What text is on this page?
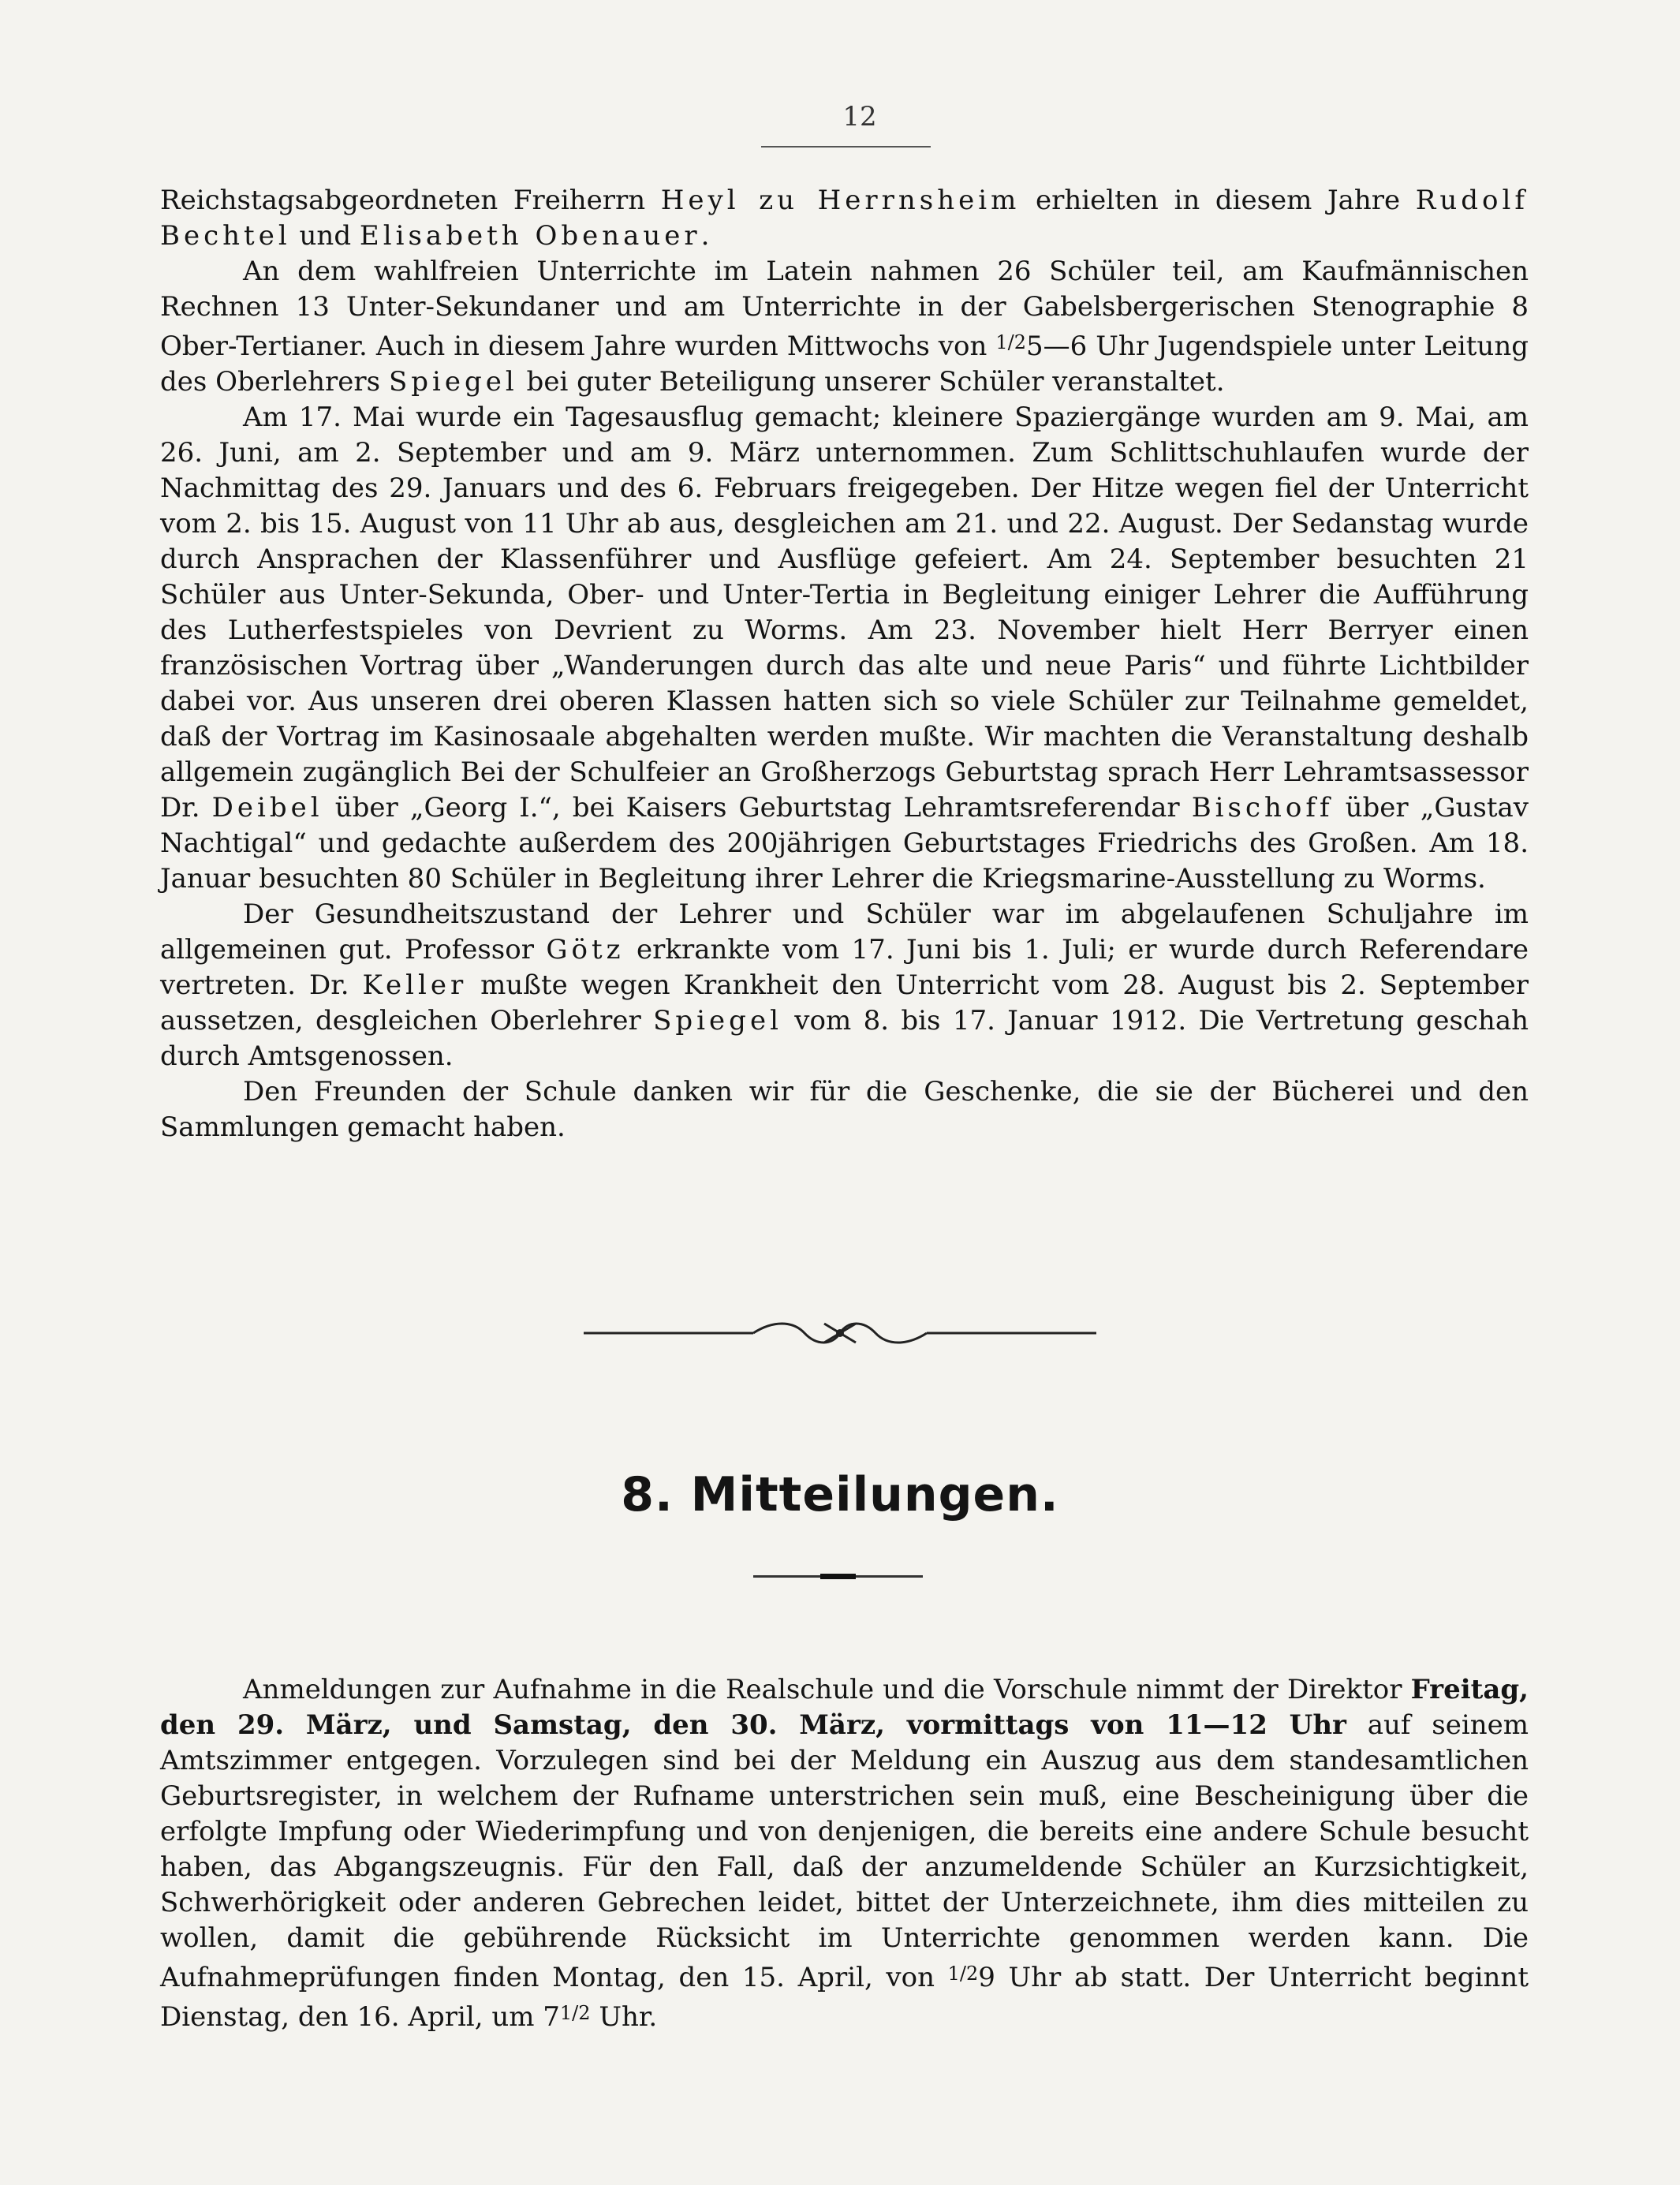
12

Reichstagsabgeordneten Freiherrn Heyl zu Herrnsheim erhielten in diesem Jahre Rudolf Bechtel und Elisabeth Obenauer.

An dem wahlfreien Unterrichte im Latein nahmen 26 Schüler teil, am Kaufmännischen Rechnen 13 Unter-Sekundaner und am Unterrichte in der Gabelsbergerischen Stenographie 8 Ober-Tertianer. Auch in diesem Jahre wurden Mittwochs von $^{1/2}$5—6 Uhr Jugendspiele unter Leitung des Oberlehrers Spiegel bei guter Beteiligung unserer Schüler veranstaltet.

Am 17. Mai wurde ein Tagesausflug gemacht; kleinere Spaziergänge wurden am 9. Mai, am 26. Juni, am 2. September und am 9. März unternommen. Zum Schlittschuhlaufen wurde der Nachmittag des 29. Januars und des 6. Februars freigegeben. Der Hitze wegen fiel der Unterricht vom 2. bis 15. August von 11 Uhr ab aus, desgleichen am 21. und 22. August. Der Sedanstag wurde durch Ansprachen der Klassenführer und Ausflüge gefeiert. Am 24. September besuchten 21 Schüler aus Unter-Sekunda, Ober- und Unter-Tertia in Begleitung einiger Lehrer die Aufführung des Lutherfestspieles von Devrient zu Worms. Am 23. November hielt Herr Berryer einen französischen Vortrag über „Wanderungen durch das alte und neue Paris“ und führte Lichtbilder dabei vor. Aus unseren drei oberen Klassen hatten sich so viele Schüler zur Teilnahme gemeldet, daß der Vortrag im Kasinosaale abgehalten werden mußte. Wir machten die Veranstaltung deshalb allgemein zugänglich Bei der Schulfeier an Großherzogs Geburtstag sprach Herr Lehramtsassessor Dr. Deibel über „Georg I.“, bei Kaisers Geburtstag Lehramtsreferendar Bischoff über „Gustav Nachtigal“ und gedachte außerdem des 200jährigen Geburtstages Friedrichs des Großen. Am 18. Januar besuchten 80 Schüler in Begleitung ihrer Lehrer die Kriegsmarine-Ausstellung zu Worms.

Der Gesundheitszustand der Lehrer und Schüler war im abgelaufenen Schuljahre im allgemeinen gut. Professor Götz erkrankte vom 17. Juni bis 1. Juli; er wurde durch Referendare vertreten. Dr. Keller mußte wegen Krankheit den Unterricht vom 28. August bis 2. September aussetzen, desgleichen Oberlehrer Spiegel vom 8. bis 17. Januar 1912. Die Vertretung geschah durch Amtsgenossen.

Den Freunden der Schule danken wir für die Geschenke, die sie der Bücherei und den Sammlungen gemacht haben.

8. Mitteilungen.

Anmeldungen zur Aufnahme in die Realschule und die Vorschule nimmt der Direktor Freitag, den 29. März, und Samstag, den 30. März, vormittags von 11—12 Uhr auf seinem Amtszimmer entgegen. Vorzulegen sind bei der Meldung ein Auszug aus dem standesamtlichen Geburtsregister, in welchem der Rufname unterstrichen sein muß, eine Bescheinigung über die erfolgte Impfung oder Wiederimpfung und von denjenigen, die bereits eine andere Schule besucht haben, das Abgangszeugnis. Für den Fall, daß der anzumeldende Schüler an Kurzsichtigkeit, Schwerhörigkeit oder anderen Gebrechen leidet, bittet der Unterzeichnete, ihm dies mitteilen zu wollen, damit die gebührende Rücksicht im Unterrichte genommen werden kann. Die Aufnahmeprüfungen finden Montag, den 15. April, von $^{1/2}$9 Uhr ab statt. Der Unterricht beginnt Dienstag, den 16. April, um $7^{1/2}$ Uhr.
